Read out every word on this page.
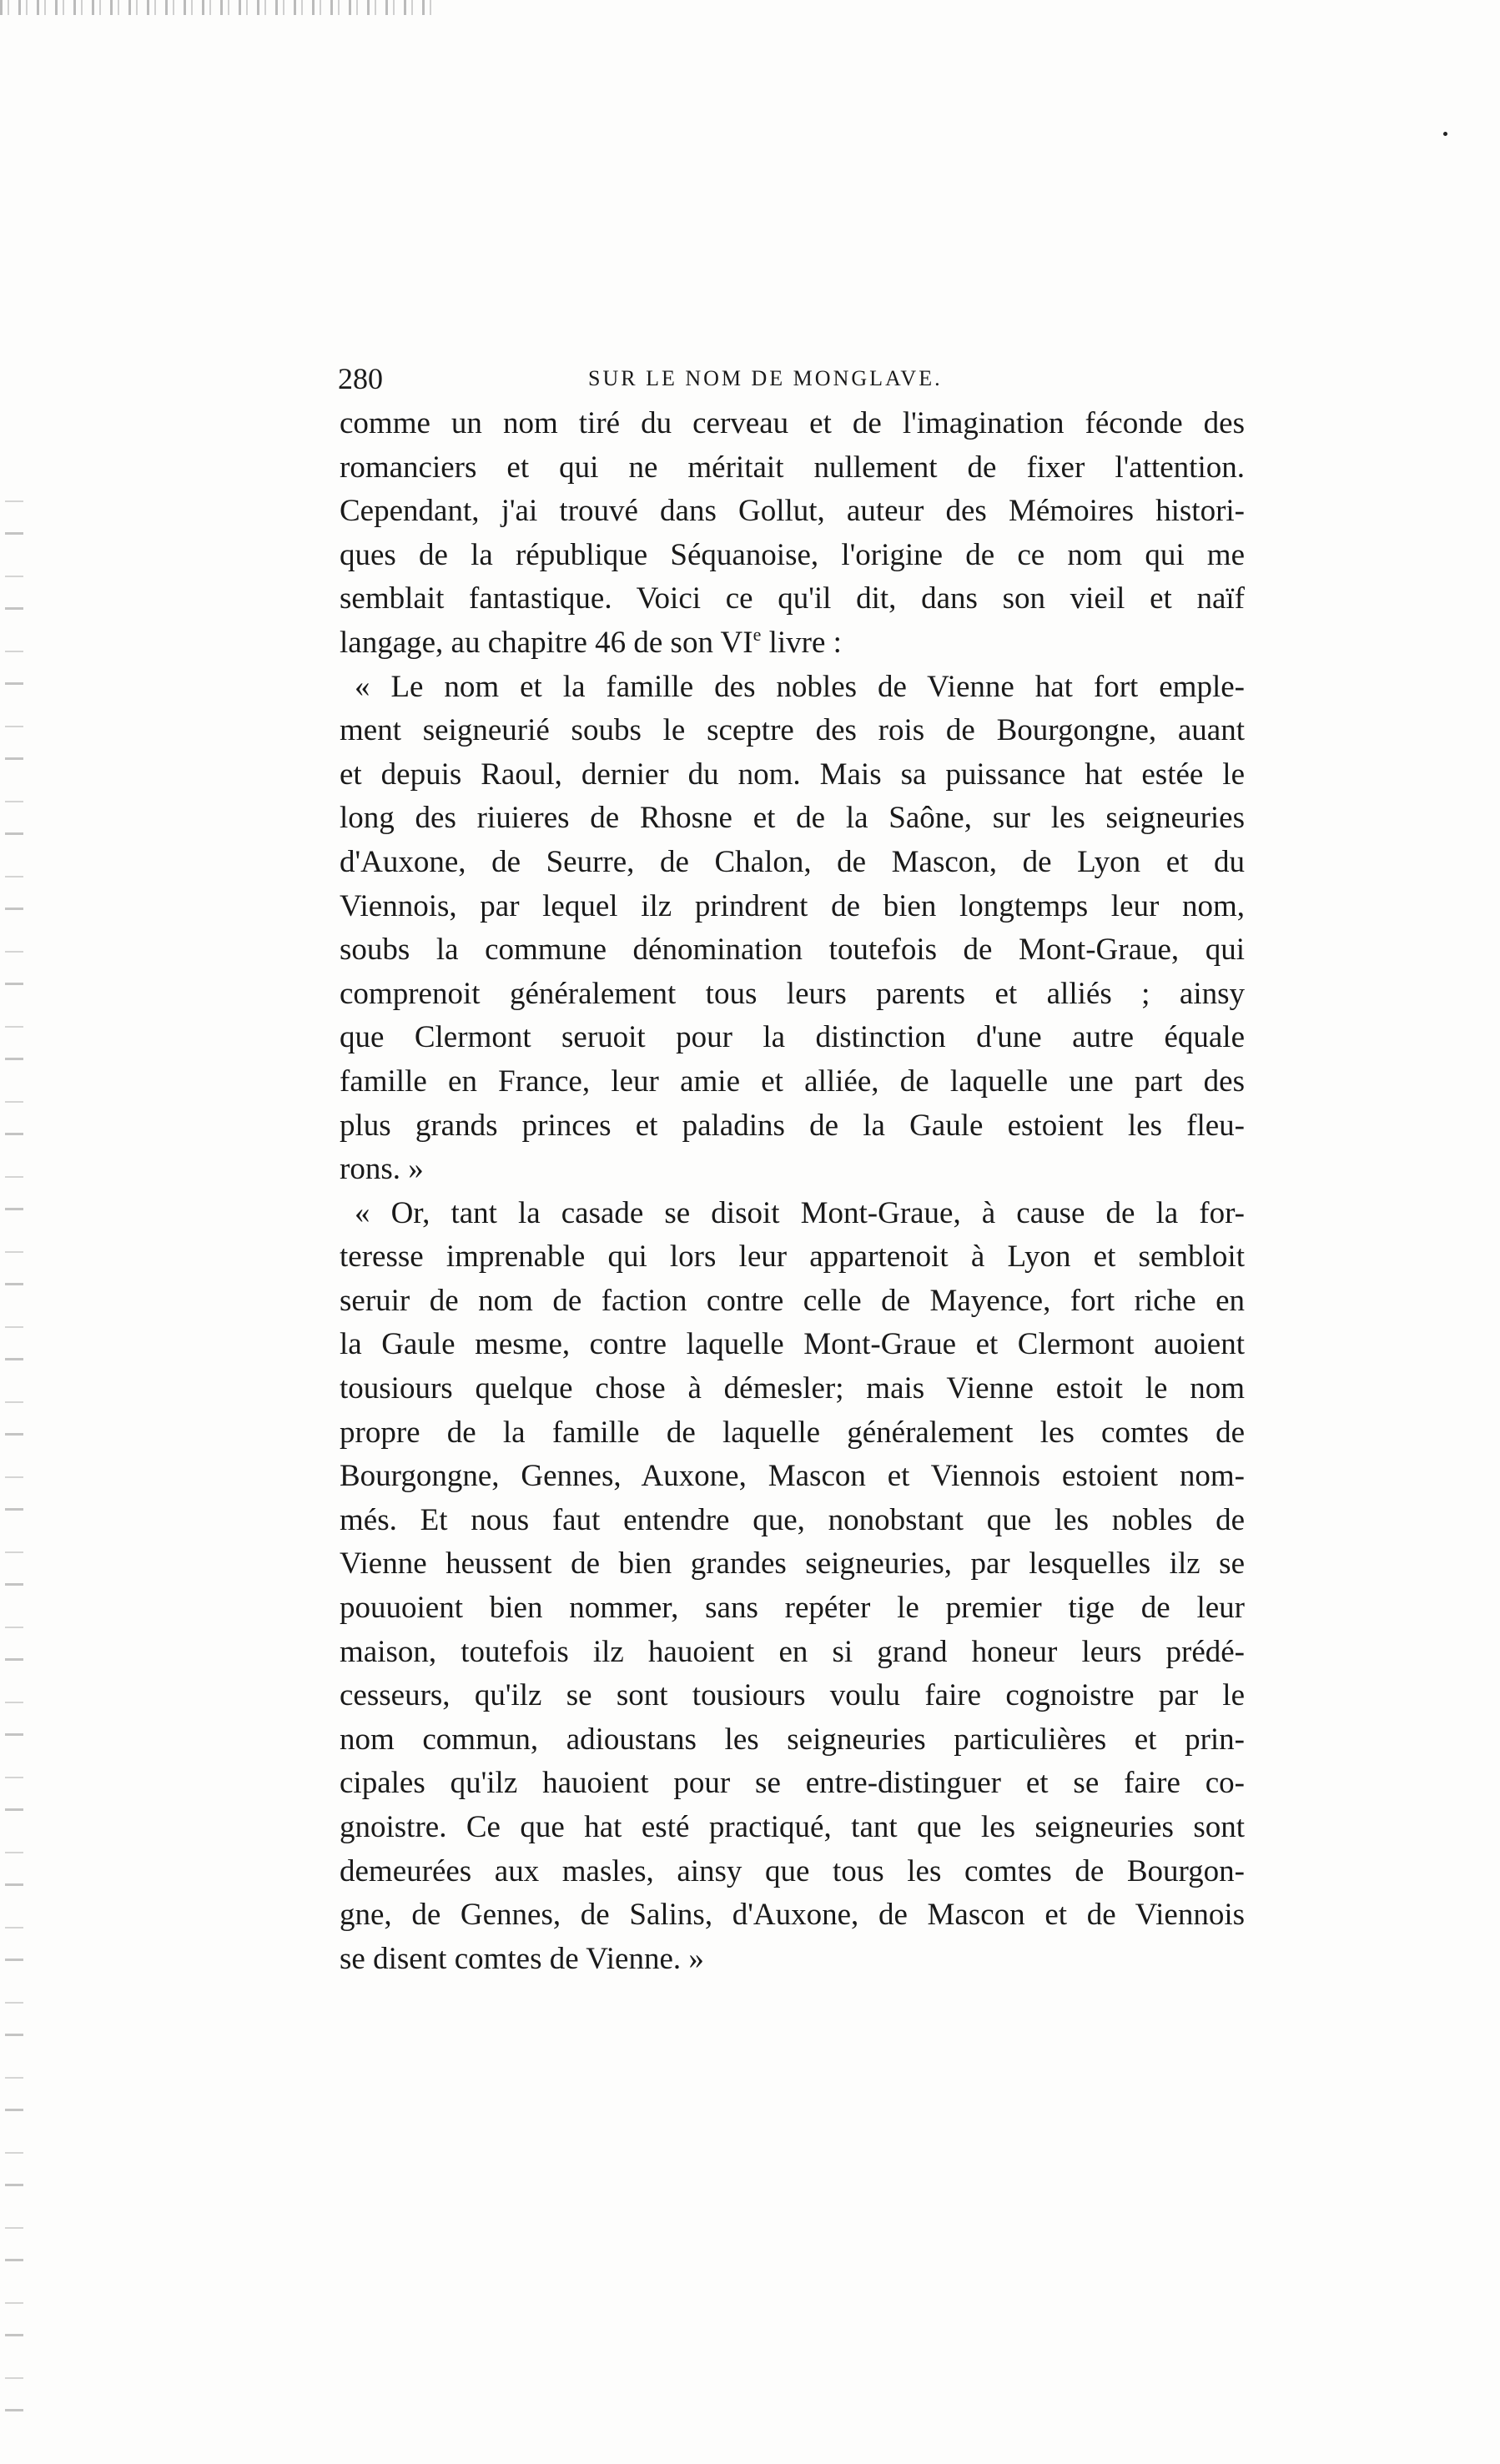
280	SUR LE NOM DE MONGLAVE.
comme un nom tiré du cerveau et de l'imagination féconde des
romanciers et qui ne méritait nullement de fixer l'attention.
Cependant, j'ai trouvé dans Gollut, auteur des Mémoires histori-
ques de la république Séquanoise, l'origine de ce nom qui me
semblait fantastique. Voici ce qu'il dit, dans son vieil et naïf
langage, au chapitre 46 de son VIe livre :
« Le nom et la famille des nobles de Vienne hat fort emple-
ment seigneurié soubs le sceptre des rois de Bourgongne, auant
et depuis Raoul, dernier du nom. Mais sa puissance hat estée le
long des riuieres de Rhosne et de la Saône, sur les seigneuries
d'Auxone, de Seurre, de Chalon, de Mascon, de Lyon et du
Viennois, par lequel ilz prindrent de bien longtemps leur nom,
soubs la commune dénomination toutefois de Mont-Graue, qui
comprenoit généralement tous leurs parents et alliés ; ainsy
que Clermont seruoit pour la distinction d'une autre équale
famille en France, leur amie et alliée, de laquelle une part des
plus grands princes et paladins de la Gaule estoient les fleu-
rons. »
« Or, tant la casade se disoit Mont-Graue, à cause de la for-
teresse imprenable qui lors leur appartenoit à Lyon et sembloit
seruir de nom de faction contre celle de Mayence, fort riche en
la Gaule mesme, contre laquelle Mont-Graue et Clermont auoient
tousiours quelque chose à démesler; mais Vienne estoit le nom
propre de la famille de laquelle généralement les comtes de
Bourgongne, Gennes, Auxone, Mascon et Viennois estoient nom-
més. Et nous faut entendre que, nonobstant que les nobles de
Vienne heussent de bien grandes seigneuries, par lesquelles ilz se
pouuoient bien nommer, sans repéter le premier tige de leur
maison, toutefois ilz hauoient en si grand honeur leurs prédé-
cesseurs, qu'ilz se sont tousiours voulu faire cognoistre par le
nom commun, adioustans les seigneuries particulières et prin-
cipales qu'ilz hauoient pour se entre-distinguer et se faire co-
gnoistre. Ce que hat esté practiqué, tant que les seigneuries sont
demeurées aux masles, ainsy que tous les comtes de Bourgon-
gne, de Gennes, de Salins, d'Auxone, de Mascon et de Viennois
se disent comtes de Vienne. »
